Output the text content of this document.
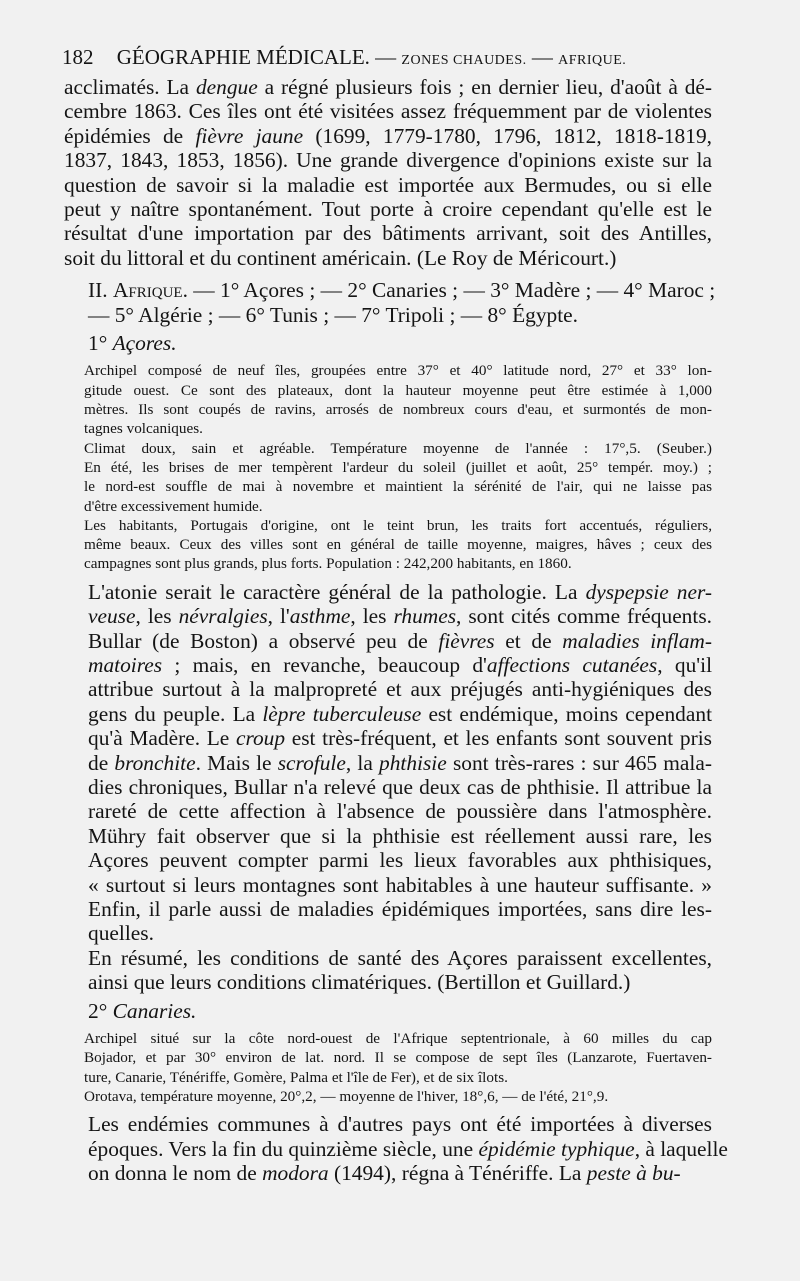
182 GÉOGRAPHIE MÉDICALE. — ZONES CHAUDES. — AFRIQUE.
acclimatés. La dengue a régné plusieurs fois ; en dernier lieu, d'août à dé-
cembre 1863. Ces îles ont été visitées assez fréquemment par de violentes
épidémies de fièvre jaune (1699, 1779-1780, 1796, 1812, 1818-1819,
1837, 1843, 1853, 1856). Une grande divergence d'opinions existe sur la
question de savoir si la maladie est importée aux Bermudes, ou si elle
peut y naître spontanément. Tout porte à croire cependant qu'elle est le
résultat d'une importation par des bâtiments arrivant, soit des Antilles,
soit du littoral et du continent américain. (Le Roy de Méricourt.)
II. Afrique. — 1° Açores ; — 2° Canaries ; — 3° Madère ; — 4° Maroc ;
— 5° Algérie ; — 6° Tunis ; — 7° Tripoli ; — 8° Égypte.
1° Açores.
Archipel composé de neuf îles, groupées entre 37° et 40° latitude nord, 27° et 33° lon-
gitude ouest. Ce sont des plateaux, dont la hauteur moyenne peut être estimée à 1,000
mètres. Ils sont coupés de ravins, arrosés de nombreux cours d'eau, et surmontés de mon-
tagnes volcaniques.
Climat doux, sain et agréable. Température moyenne de l'année : 17°,5. (Seuber.)
En été, les brises de mer tempèrent l'ardeur du soleil (juillet et août, 25° tempér. moy.) ;
le nord-est souffle de mai à novembre et maintient la sérénité de l'air, qui ne laisse pas
d'être excessivement humide.
Les habitants, Portugais d'origine, ont le teint brun, les traits fort accentués, réguliers,
même beaux. Ceux des villes sont en général de taille moyenne, maigres, hâves ; ceux des
campagnes sont plus grands, plus forts. Population : 242,200 habitants, en 1860.
L'atonie serait le caractère général de la pathologie. La dyspepsie ner-
veuse, les névralgies, l'asthme, les rhumes, sont cités comme fréquents.
Bullar (de Boston) a observé peu de fièvres et de maladies inflam-
matoires ; mais, en revanche, beaucoup d'affections cutanées, qu'il
attribue surtout à la malpropreté et aux préjugés anti-hygiéniques des
gens du peuple. La lèpre tuberculeuse est endémique, moins cependant
qu'à Madère. Le croup est très-fréquent, et les enfants sont souvent pris
de bronchite. Mais le scrofule, la phthisie sont très-rares : sur 465 mala-
dies chroniques, Bullar n'a relevé que deux cas de phthisie. Il attribue la
rareté de cette affection à l'absence de poussière dans l'atmosphère.
Mühry fait observer que si la phthisie est réellement aussi rare, les
Açores peuvent compter parmi les lieux favorables aux phthisiques,
« surtout si leurs montagnes sont habitables à une hauteur suffisante. »
Enfin, il parle aussi de maladies épidémiques importées, sans dire les-
quelles.
En résumé, les conditions de santé des Açores paraissent excellentes,
ainsi que leurs conditions climatériques. (Bertillon et Guillard.)
2° Canaries.
Archipel situé sur la côte nord-ouest de l'Afrique septentrionale, à 60 milles du cap
Bojador, et par 30° environ de lat. nord. Il se compose de sept îles (Lanzarote, Fuertaven-
ture, Canarie, Ténériffe, Gomère, Palma et l'île de Fer), et de six îlots.
Orotava, température moyenne, 20°,2, — moyenne de l'hiver, 18°,6, — de l'été, 21°,9.
Les endémies communes à d'autres pays ont été importées à diverses
époques. Vers la fin du quinzième siècle, une épidémie typhique, à laquelle
on donna le nom de modora (1494), régna à Ténériffe. La peste à bu-
